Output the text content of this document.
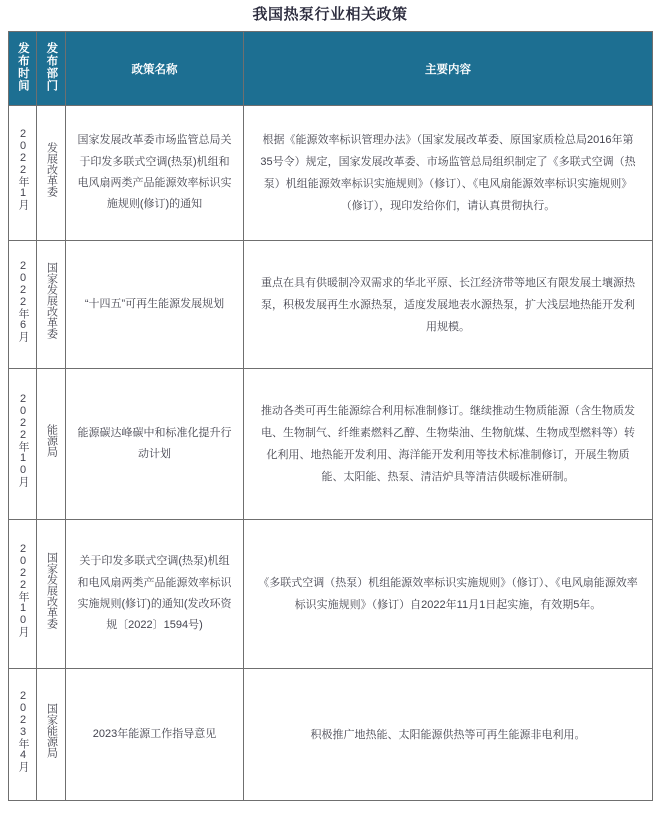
我国热泵行业相关政策
发布时间	发布部门	政策名称	主要内容
2022年1月	发展改革委	国家发展改革委市场监管总局关于印发多联式空调(热泵)机组和电风扇两类产品能源效率标识实施规则(修订)的通知	根据《能源效率标识管理办法》（国家发展改革委、原国家质检总局2016年第35号令）规定，国家发展改革委、市场监管总局组织制定了《多联式空调（热泵）机组能源效率标识实施规则》（修订）、《电风扇能源效率标识实施规则》（修订），现印发给你们，请认真贯彻执行。
2022年6月	国家发展改革委	“十四五”可再生能源发展规划	重点在具有供暖制冷双需求的华北平原、长江经济带等地区有限发展土壤源热泵，积极发展再生水源热泵，适度发展地表水源热泵，扩大浅层地热能开发利用规模。
2022年10月	能源局	能源碳达峰碳中和标准化提升行动计划	推动各类可再生能源综合利用标准制修订。继续推动生物质能源（含生物质发电、生物制气、纤维素燃料乙醇、生物柴油、生物航煤、生物成型燃料等）转化利用、地热能开发利用、海洋能开发利用等技术标准制修订，开展生物质能、太阳能、热泵、清洁炉具等清洁供暖标准研制。
2022年10月	国家发展改革委	关于印发多联式空调(热泵)机组和电风扇两类产品能源效率标识实施规则(修订)的通知(发改环资规〔2022〕1594号)	《多联式空调（热泵）机组能源效率标识实施规则》（修订）、《电风扇能源效率标识实施规则》（修订）自2022年11月1日起实施，有效期5年。
2023年4月	国家能源局	2023年能源工作指导意见	积极推广地热能、太阳能源供热等可再生能源非电利用。
